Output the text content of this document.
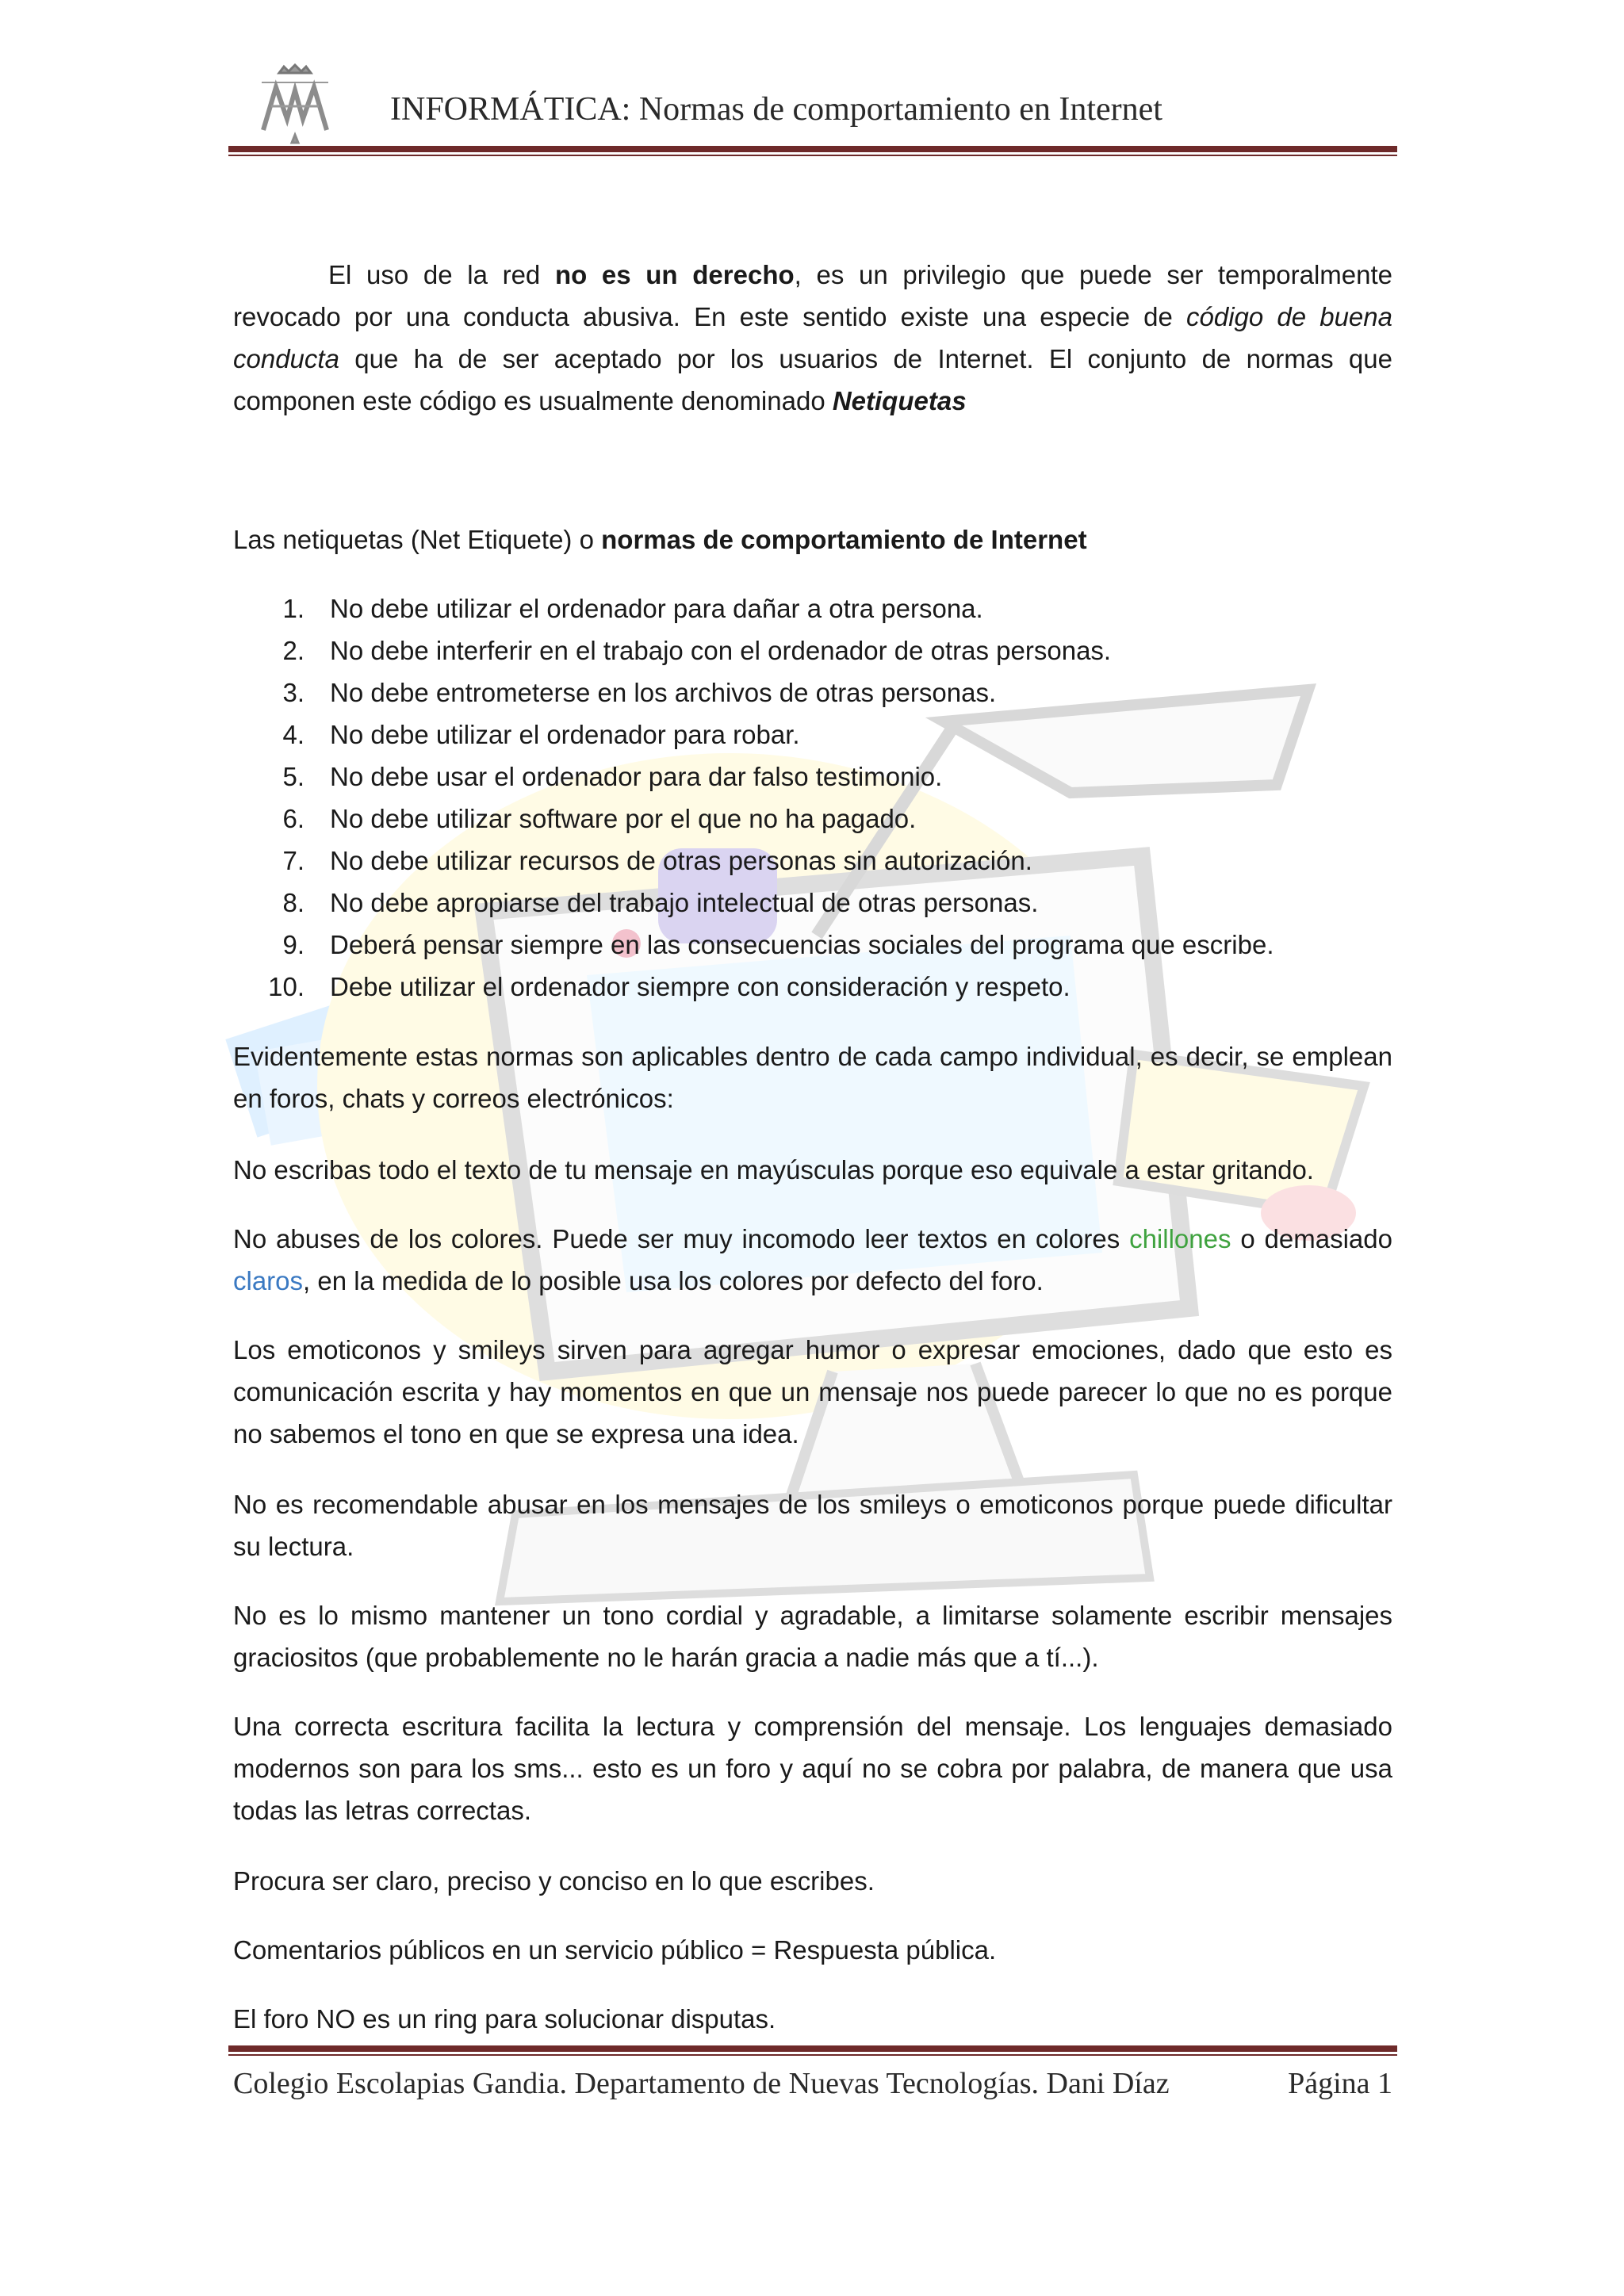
INFORMÁTICA: Normas de comportamiento en Internet

El uso de la red no es un derecho, es un privilegio que puede ser temporalmente revocado por una conducta abusiva. En este sentido existe una especie de código de buena conducta que ha de ser aceptado por los usuarios de Internet. El conjunto de normas que componen este código es usualmente denominado Netiquetas

Las netiquetas (Net Etiquete) o normas de comportamiento de Internet

1. No debe utilizar el ordenador para dañar a otra persona.
2. No debe interferir en el trabajo con el ordenador de otras personas.
3. No debe entrometerse en los archivos de otras personas.
4. No debe utilizar el ordenador para robar.
5. No debe usar el ordenador para dar falso testimonio.
6. No debe utilizar software por el que no ha pagado.
7. No debe utilizar recursos de otras personas sin autorización.
8. No debe apropiarse del trabajo intelectual de otras personas.
9. Deberá pensar siempre en las consecuencias sociales del programa que escribe.
10. Debe utilizar el ordenador siempre con consideración y respeto.

Evidentemente estas normas son aplicables dentro de cada campo individual, es decir, se emplean en foros, chats y correos electrónicos:

No escribas todo el texto de tu mensaje en mayúsculas porque eso equivale a estar gritando.

No abuses de los colores. Puede ser muy incomodo leer textos en colores chillones o demasiado claros, en la medida de lo posible usa los colores por defecto del foro.

Los emoticonos y smileys sirven para agregar humor o expresar emociones, dado que esto es comunicación escrita y hay momentos en que un mensaje nos puede parecer lo que no es porque no sabemos el tono en que se expresa una idea.

No es recomendable abusar en los mensajes de los smileys o emoticonos porque puede dificultar su lectura.

No es lo mismo mantener un tono cordial y agradable, a limitarse solamente escribir mensajes graciositos (que probablemente no le harán gracia a nadie más que a tí...).

Una correcta escritura facilita la lectura y comprensión del mensaje. Los lenguajes demasiado modernos son para los sms... esto es un foro y aquí no se cobra por palabra, de manera que usa todas las letras correctas.

Procura ser claro, preciso y conciso en lo que escribes.

Comentarios públicos en un servicio público = Respuesta pública.

El foro NO es un ring para solucionar disputas.

Colegio Escolapias Gandia. Departamento de Nuevas Tecnologías. Dani Díaz	Página 1
